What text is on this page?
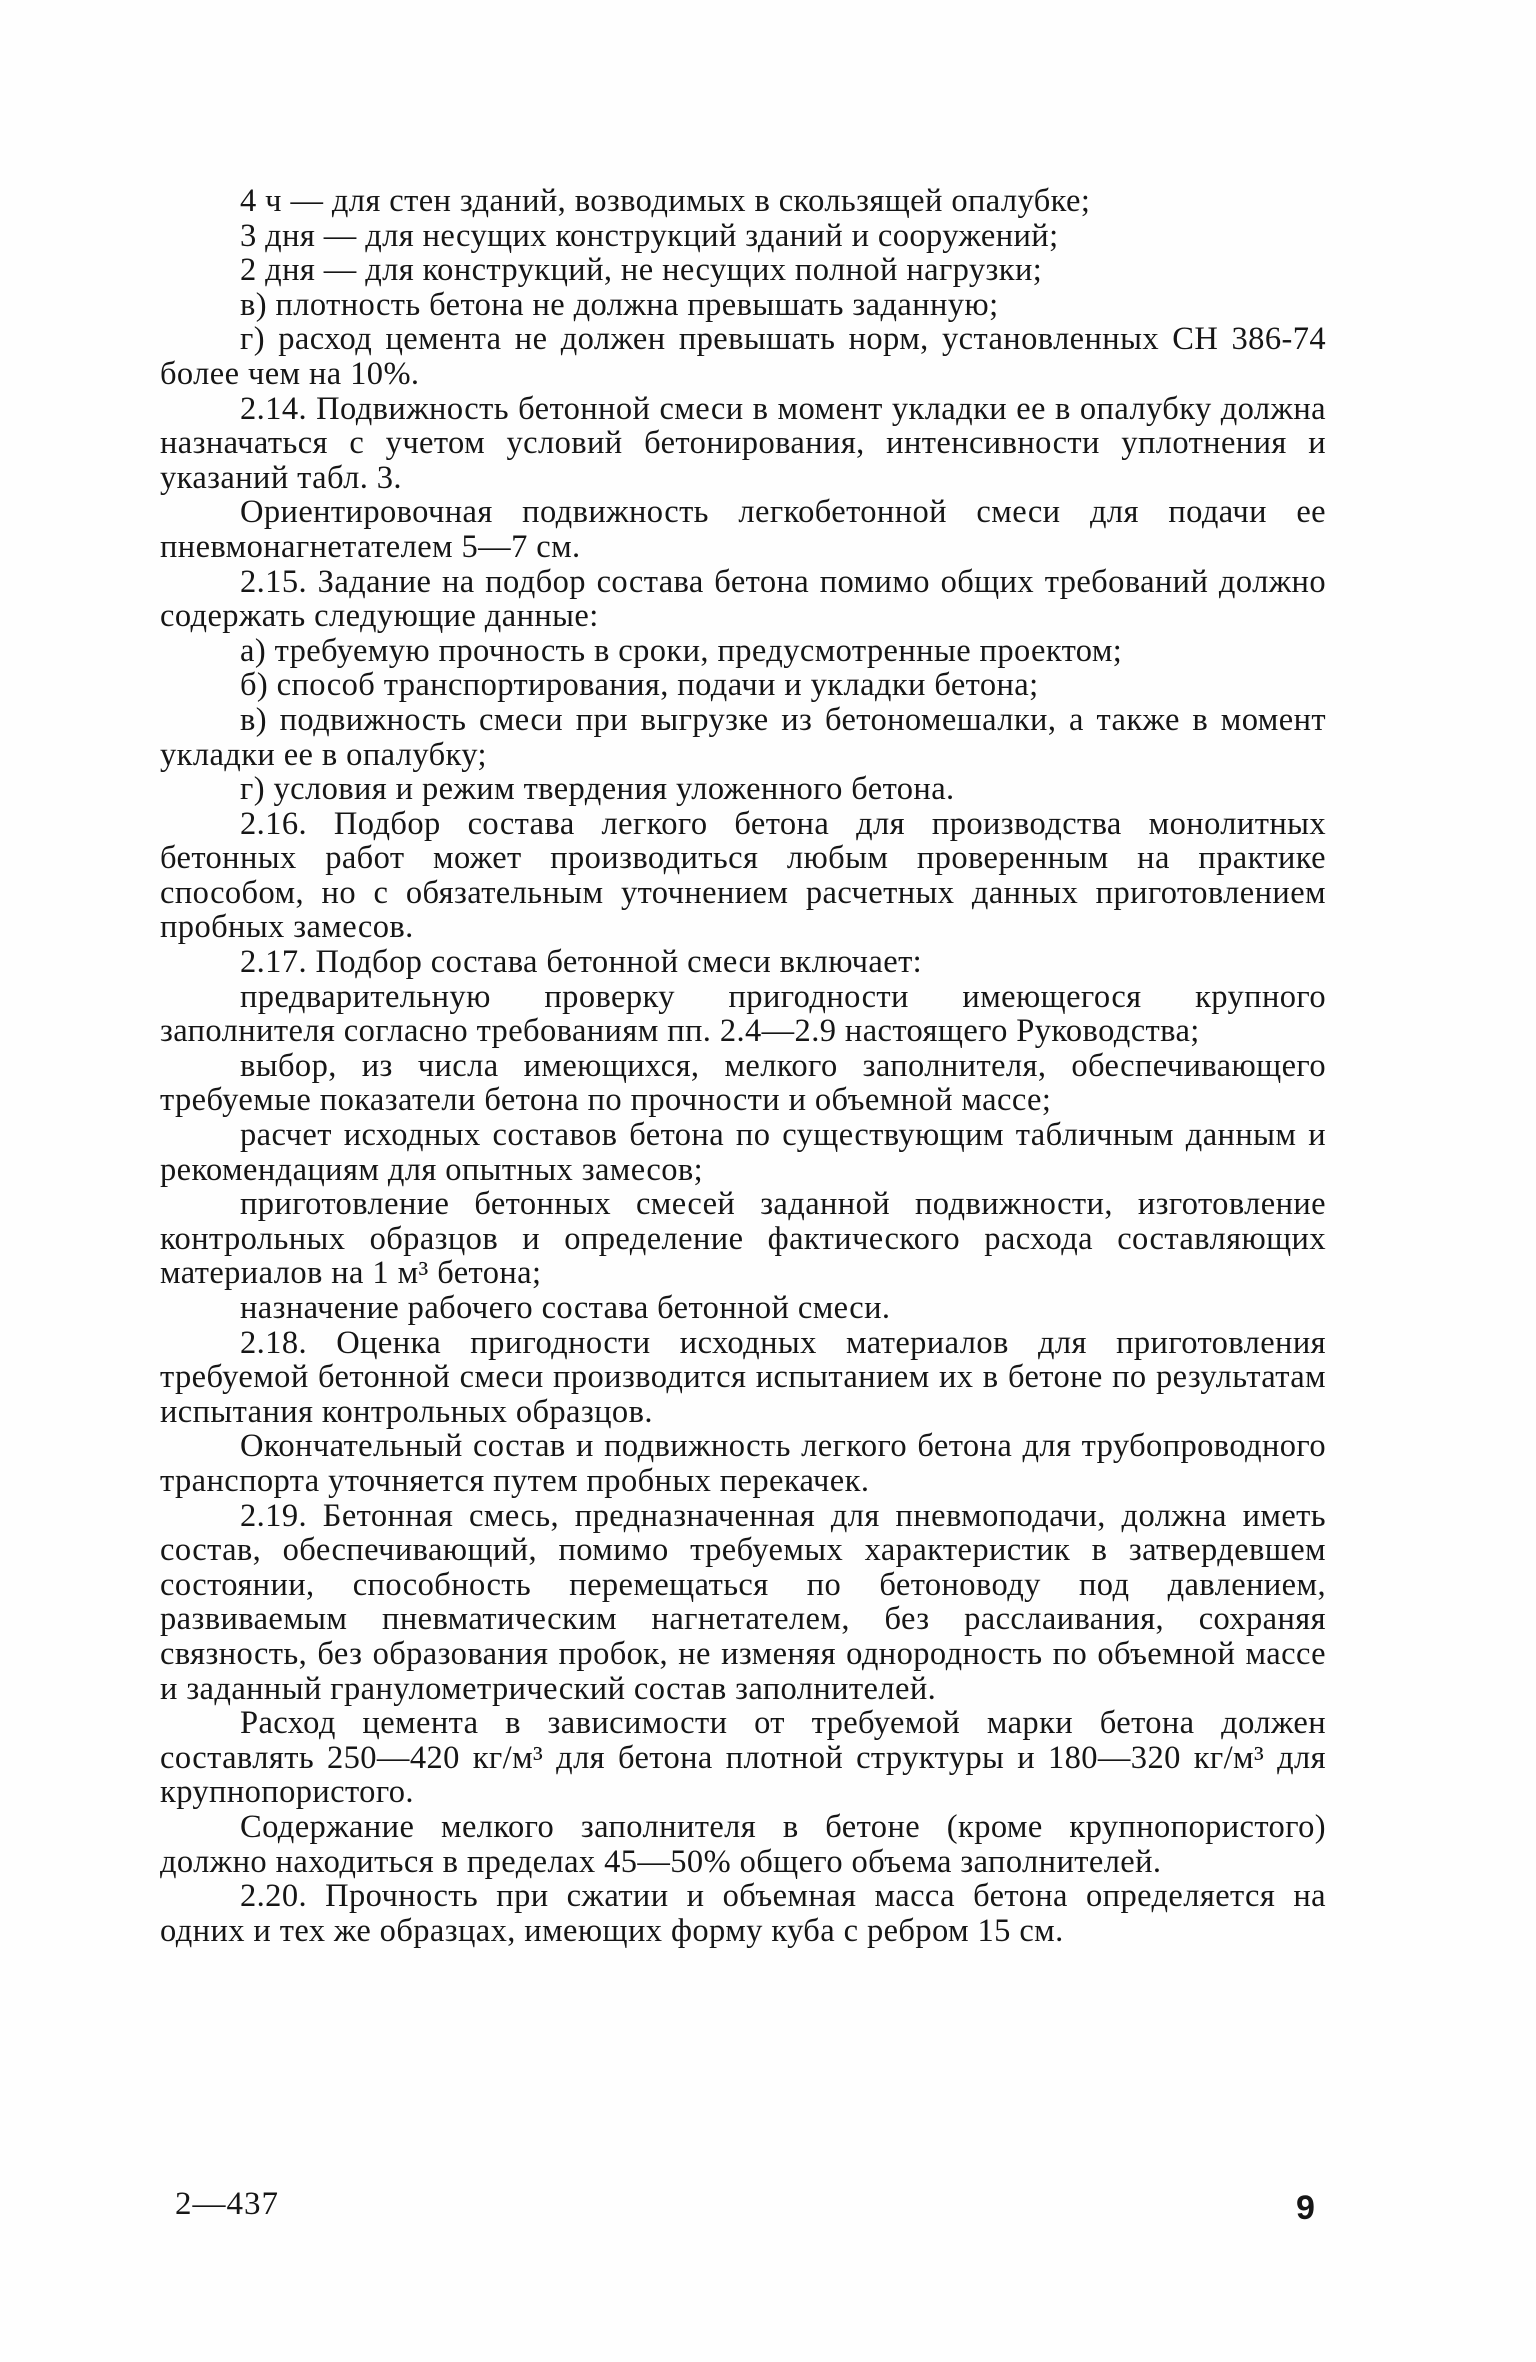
4 ч — для стен зданий, возводимых в скользящей опалубке;

3 дня — для несущих конструкций зданий и сооружений;

2 дня — для конструкций, не несущих полной нагрузки;

в) плотность бетона не должна превышать заданную;

г) расход цемента не должен превышать норм, установленных СН 386-74 более чем на 10%.

2.14. Подвижность бетонной смеси в момент укладки ее в опалубку должна назначаться с учетом условий бетонирования, интенсивности уплотнения и указаний табл. 3.

Ориентировочная подвижность легкобетонной смеси для подачи ее пневмонагнетателем 5—7 см.

2.15. Задание на подбор состава бетона помимо общих требований должно содержать следующие данные:

а) требуемую прочность в сроки, предусмотренные проектом;

б) способ транспортирования, подачи и укладки бетона;

в) подвижность смеси при выгрузке из бетономешалки, а также в момент укладки ее в опалубку;

г) условия и режим твердения уложенного бетона.

2.16. Подбор состава легкого бетона для производства монолитных бетонных работ может производиться любым проверенным на практике способом, но с обязательным уточнением расчетных данных приготовлением пробных замесов.

2.17. Подбор состава бетонной смеси включает:

предварительную проверку пригодности имеющегося крупного заполнителя согласно требованиям пп. 2.4—2.9 настоящего Руководства;

выбор, из числа имеющихся, мелкого заполнителя, обеспечивающего требуемые показатели бетона по прочности и объемной массе;

расчет исходных составов бетона по существующим табличным данным и рекомендациям для опытных замесов;

приготовление бетонных смесей заданной подвижности, изготовление контрольных образцов и определение фактического расхода составляющих материалов на 1 м³ бетона;

назначение рабочего состава бетонной смеси.

2.18. Оценка пригодности исходных материалов для приготовления требуемой бетонной смеси производится испытанием их в бетоне по результатам испытания контрольных образцов.

Окончательный состав и подвижность легкого бетона для трубопроводного транспорта уточняется путем пробных перекачек.

2.19. Бетонная смесь, предназначенная для пневмоподачи, должна иметь состав, обеспечивающий, помимо требуемых характеристик в затвердевшем состоянии, способность перемещаться по бетоноводу под давлением, развиваемым пневматическим нагнетателем, без расслаивания, сохраняя связность, без образования пробок, не изменяя однородность по объемной массе и заданный гранулометрический состав заполнителей.

Расход цемента в зависимости от требуемой марки бетона должен составлять 250—420 кг/м³ для бетона плотной структуры и 180—320 кг/м³ для крупнопористого.

Содержание мелкого заполнителя в бетоне (кроме крупнопористого) должно находиться в пределах 45—50% общего объема заполнителей.

2.20. Прочность при сжатии и объемная масса бетона определяется на одних и тех же образцах, имеющих форму куба с ребром 15 см.

2—437	9
